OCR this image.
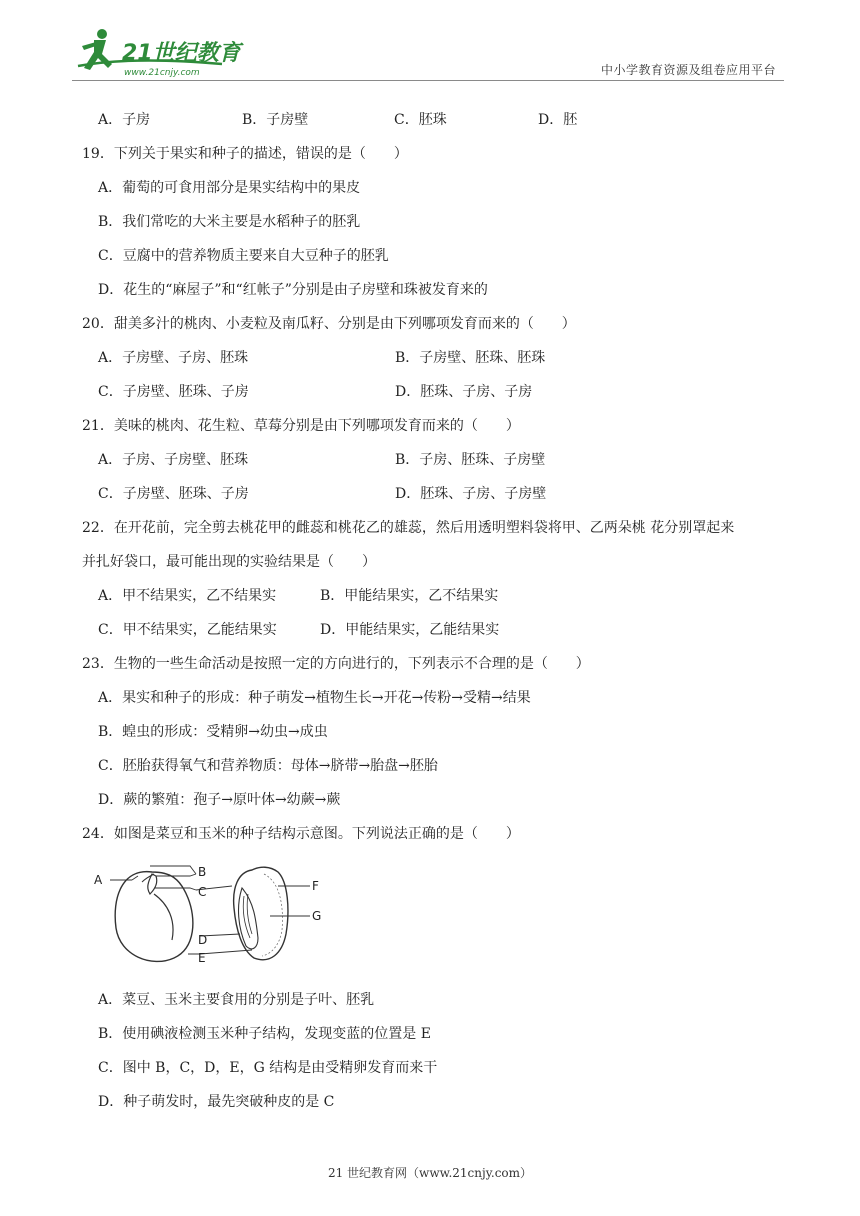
21世纪教育
www.21cnjy.com	中小学教育资源及组卷应用平台
A．子房	B．子房壁	C．胚珠	D．胚
19．下列关于果实和种子的描述，错误的是（　　）
A．葡萄的可食用部分是果实结构中的果皮
B．我们常吃的大米主要是水稻种子的胚乳
C．豆腐中的营养物质主要来自大豆种子的胚乳
D．花生的“麻屋子”和“红帐子”分别是由子房壁和珠被发育来的
20．甜美多汁的桃肉、小麦粒及南瓜籽、分别是由下列哪项发育而来的（　　）
A．子房壁、子房、胚珠	B．子房壁、胚珠、胚珠
C．子房壁、胚珠、子房	D．胚珠、子房、子房
21．美味的桃肉、花生粒、草莓分别是由下列哪项发育而来的（　　）
A．子房、子房壁、胚珠	B．子房、胚珠、子房壁
C．子房壁、胚珠、子房	D．胚珠、子房、子房壁
22．在开花前，完全剪去桃花甲的雌蕊和桃花乙的雄蕊，然后用透明塑料袋将甲、乙两朵桃 花分别罩起来
并扎好袋口，最可能出现的实验结果是（　　）
A．甲不结果实，乙不结果实	B．甲能结果实，乙不结果实
C．甲不结果实，乙能结果实	D．甲能结果实，乙能结果实
23．生物的一些生命活动是按照一定的方向进行的，下列表示不合理的是（　　）
A．果实和种子的形成：种子萌发→植物生长→开花→传粉→受精→结果
B．蝗虫的形成：受精卵→幼虫→成虫
C．胚胎获得氧气和营养物质：母体→脐带→胎盘→胚胎
D．蕨的繁殖：孢子→原叶体→幼蕨→蕨
24．如图是菜豆和玉米的种子结构示意图。下列说法正确的是（　　）
A．菜豆、玉米主要食用的分别是子叶、胚乳
B．使用碘液检测玉米种子结构，发现变蓝的位置是 E
C．图中 B，C，D，E，G 结构是由受精卵发育而来干
D．种子萌发时，最先突破种皮的是 C
A
B
C
D
E
F
G
21 世纪教育网（www.21cnjy.com）
